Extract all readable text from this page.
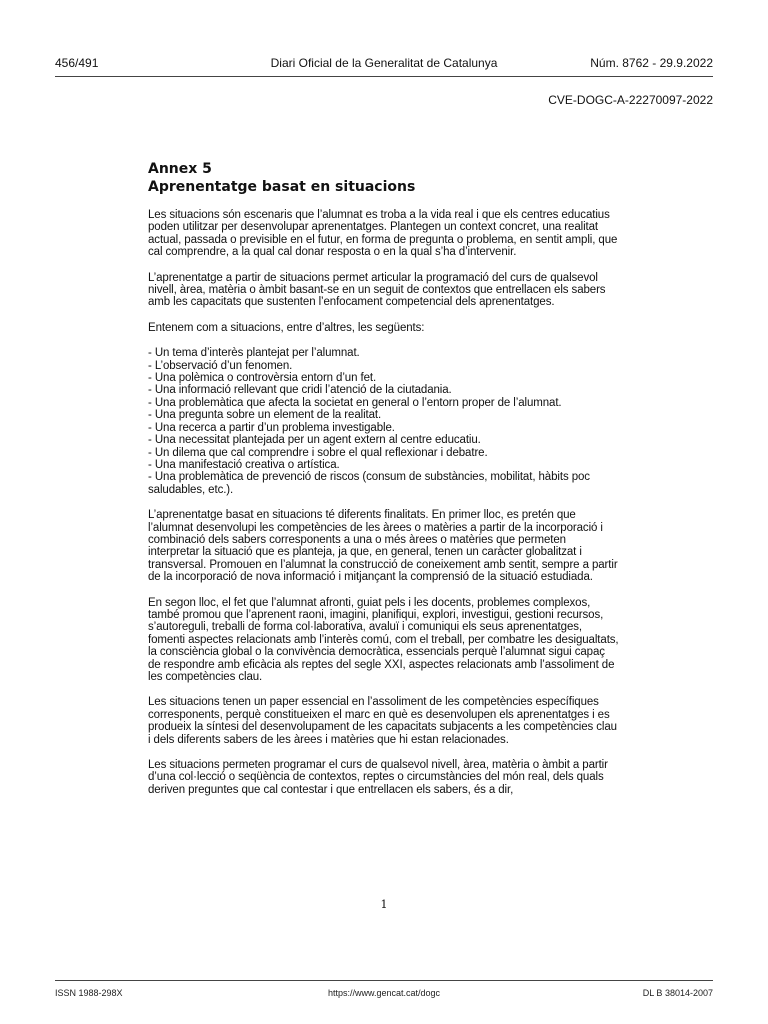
456/491	Diari Oficial de la Generalitat de Catalunya	Núm. 8762 - 29.9.2022
CVE-DOGC-A-22270097-2022
Annex 5
Aprenentatge basat en situacions

Les situacions són escenaris que l’alumnat es troba a la vida real i que els centres educatius poden utilitzar per desenvolupar aprenentatges. Plantegen un context concret, una realitat actual, passada o previsible en el futur, en forma de pregunta o problema, en sentit ampli, que cal comprendre, a la qual cal donar resposta o en la qual s’ha d’intervenir.

L’aprenentatge a partir de situacions permet articular la programació del curs de qualsevol nivell, àrea, matèria o àmbit basant-se en un seguit de contextos que entrellacen els sabers amb les capacitats que sustenten l’enfocament competencial dels aprenentatges.

Entenem com a situacions, entre d’altres, les següents:

- Un tema d’interès plantejat per l’alumnat.
- L’observació d’un fenomen.
- Una polèmica o controvèrsia entorn d’un fet.
- Una informació rellevant que cridi l’atenció de la ciutadania.
- Una problemàtica que afecta la societat en general o l’entorn proper de l’alumnat.
- Una pregunta sobre un element de la realitat.
- Una recerca a partir d’un problema investigable.
- Una necessitat plantejada per un agent extern al centre educatiu.
- Un dilema que cal comprendre i sobre el qual reflexionar i debatre.
- Una manifestació creativa o artística.
- Una problemàtica de prevenció de riscos (consum de substàncies, mobilitat, hàbits poc saludables, etc.).

L’aprenentatge basat en situacions té diferents finalitats. En primer lloc, es pretén que l’alumnat desenvolupi les competències de les àrees o matèries a partir de la incorporació i combinació dels sabers corresponents a una o més àrees o matèries que permeten interpretar la situació que es planteja, ja que, en general, tenen un caràcter globalitzat i transversal. Promouen en l’alumnat la construcció de coneixement amb sentit, sempre a partir de la incorporació de nova informació i mitjançant la comprensió de la situació estudiada.

En segon lloc, el fet que l’alumnat afronti, guiat pels i les docents, problemes complexos, també promou que l’aprenent raoni, imagini, planifiqui, explori, investigui, gestioni recursos, s’autoreguli, treballi de forma col·laborativa, avaluï i comuniqui els seus aprenentatges, fomenti aspectes relacionats amb l’interès comú, com el treball, per combatre les desigualtats, la consciència global o la convivència democràtica, essencials perquè l’alumnat sigui capaç de respondre amb eficàcia als reptes del segle XXI, aspectes relacionats amb l’assoliment de les competències clau.

Les situacions tenen un paper essencial en l’assoliment de les competències específiques corresponents, perquè constitueixen el marc en què es desenvolupen els aprenentatges i es produeix la síntesi del desenvolupament de les capacitats subjacents a les competències clau i dels diferents sabers de les àrees i matèries que hi estan relacionades.

Les situacions permeten programar el curs de qualsevol nivell, àrea, matèria o àmbit a partir d’una col·lecció o seqüència de contextos, reptes o circumstàncies del món real, dels quals deriven preguntes que cal contestar i que entrellacen els sabers, és a dir,

1
ISSN 1988-298X	https://www.gencat.cat/dogc	DL B 38014-2007
